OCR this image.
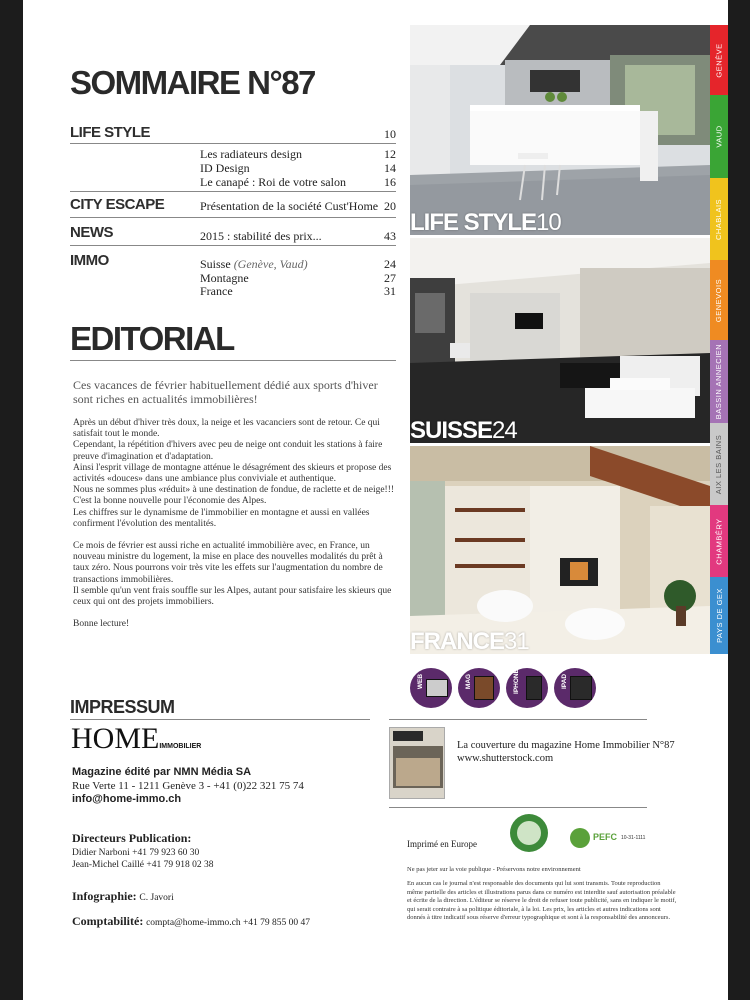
SOMMAIRE N°87
LIFE STYLE	10
Les radiateurs design	12
ID Design	14
Le canapé : Roi de votre salon	16
CITY ESCAPE	Présentation de la société Cust'Home 20
NEWS	2015 : stabilité des prix...	43
IMMO	Suisse (Genève, Vaud)	24
Montagne	27
France	31
EDITORIAL
Ces vacances de février habituellement dédié aux sports d'hiver sont riches en actualités immobilières!

Après un début d'hiver très doux, la neige et les vacanciers sont de retour. Ce qui satisfait tout le monde.

Cependant, la répétition d'hivers avec peu de neige ont conduit les stations à faire preuve d'imagination et d'adaptation.

Ainsi l'esprit village de montagne atténue le désagrément des skieurs et propose des activités «douces» dans une ambiance plus conviviale et authentique.

Nous ne sommes plus «réduit» à une destination de fondue, de raclette et de neige!!! C'est la bonne nouvelle pour l'économie des Alpes.

Les chiffres sur le dynamisme de l'immobilier en montagne et aussi en vallées confirment l'évolution des mentalités.

Ce mois de février est aussi riche en actualité immobilière avec, en France, un nouveau ministre du logement, la mise en place des nouvelles modalités du prêt à taux zéro. Nous pourrons voir très vite les effets sur l'augmentation du nombre de transactions immobilières.

Il semble qu'un vent frais souffle sur les Alpes, autant pour satisfaire les skieurs que ceux qui ont des projets immobiliers.

Bonne lecture!

LIFE STYLE10
SUISSE24
FRANCE31
GENÈVE
VAUD
CHABLAIS
GENEVOIS
BASSIN ANNECIEN
AIX LES BAINS
CHAMBÉRY
PAYS DE GEX
WEB	MAG	IPHONE	IPAD
IMPRESSUM
HOMEIMMOBILIER
Magazine édité par NMN Média SA
Rue Verte 11 - 1211 Genève 3 - +41 (0)22 321 75 74
info@home-immo.ch
Directeurs Publication:
Didier Narboni +41 79 923 60 30
Jean-Michel Caillé +41 79 918 02 38
Infographie: C. Javori
Comptabilité: compta@home-immo.ch +41 79 855 00 47
La couverture du magazine Home Immobilier N°87
www.shutterstock.com
Imprimé en Europe
PEFC 10-31-1111
Ne pas jeter sur la voie publique - Préservons notre environnement
En aucun cas le journal n'est responsable des documents qui lui sont transmis. Toute reproduction même partielle des articles et illustrations parus dans ce numéro est interdite sauf autorisation préalable et écrite de la direction. L'éditeur se réserve le droit de refuser toute publicité, sans en indiquer le motif, qui serait contraire à sa politique éditoriale, à la loi. Les prix, les articles et autres indications sont donnés à titre indicatif sous réserve d'erreur typographique et sont à la responsabilité des annonceurs.
